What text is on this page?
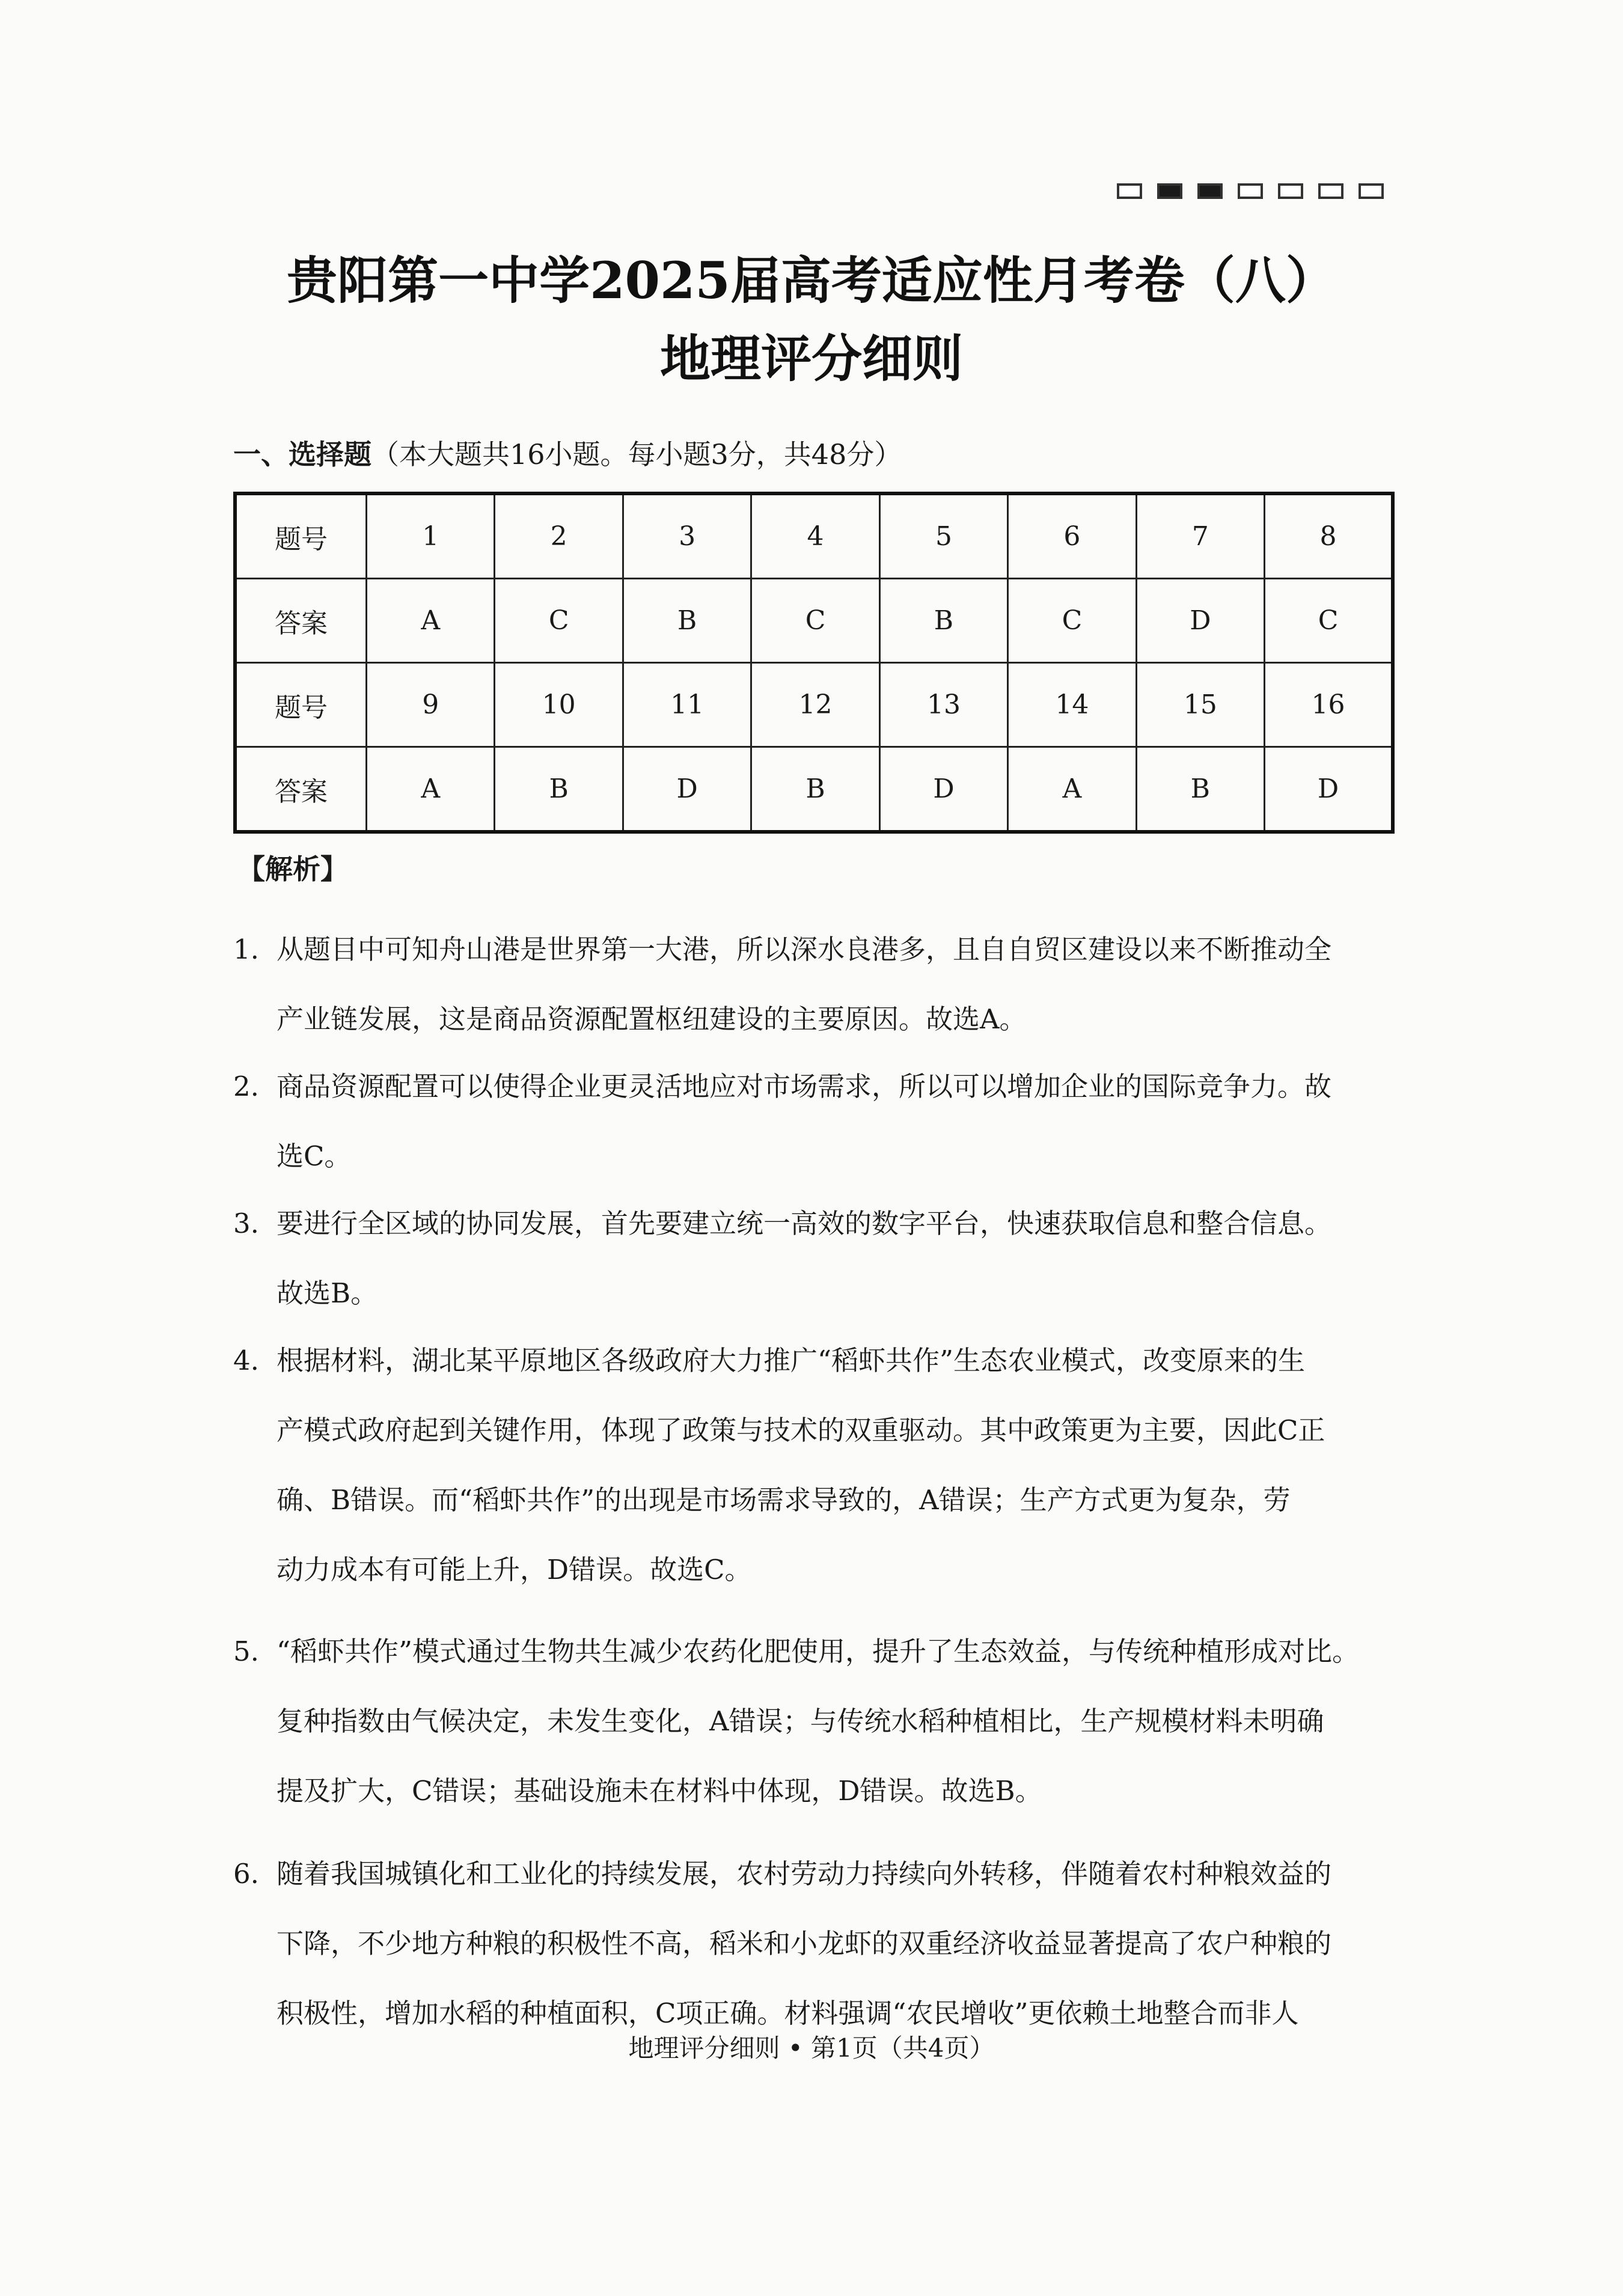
贵阳第一中学2025届高考适应性月考卷（八）
地理评分细则
一、选择题（本大题共16小题。每小题3分，共48分）
题号	1	2	3	4	5	6	7	8
答案	A	C	B	C	B	C	D	C
题号	9	10	11	12	13	14	15	16
答案	A	B	D	B	D	A	B	D
【解析】
1. 从题目中可知舟山港是世界第一大港，所以深水良港多，且自自贸区建设以来不断推动全
产业链发展，这是商品资源配置枢纽建设的主要原因。故选A。
2. 商品资源配置可以使得企业更灵活地应对市场需求，所以可以增加企业的国际竞争力。故
选C。
3. 要进行全区域的协同发展，首先要建立统一高效的数字平台，快速获取信息和整合信息。
故选B。
4. 根据材料，湖北某平原地区各级政府大力推广“稻虾共作”生态农业模式，改变原来的生
产模式政府起到关键作用，体现了政策与技术的双重驱动。其中政策更为主要，因此C正
确、B错误。而“稻虾共作”的出现是市场需求导致的，A错误；生产方式更为复杂，劳
动力成本有可能上升，D错误。故选C。
5. “稻虾共作”模式通过生物共生减少农药化肥使用，提升了生态效益，与传统种植形成对比。
复种指数由气候决定，未发生变化，A错误；与传统水稻种植相比，生产规模材料未明确
提及扩大，C错误；基础设施未在材料中体现，D错误。故选B。
6. 随着我国城镇化和工业化的持续发展，农村劳动力持续向外转移，伴随着农村种粮效益的
下降，不少地方种粮的积极性不高，稻米和小龙虾的双重经济收益显著提高了农户种粮的
积极性，增加水稻的种植面积，C项正确。材料强调“农民增收”更依赖土地整合而非人
地理评分细则 • 第1页（共4页）
